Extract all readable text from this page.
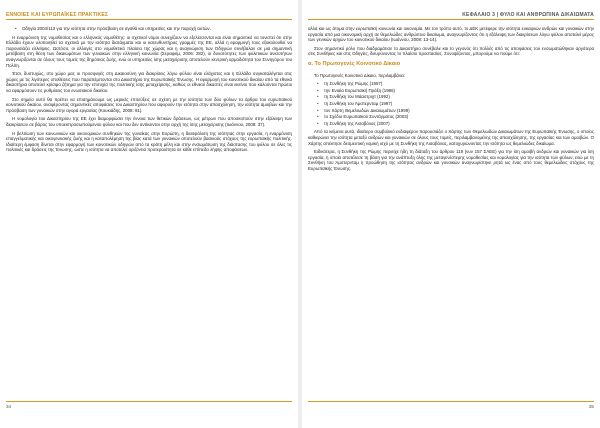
ΕΝΝΟΙΕΣ ΚΑΙ ΕΥΡΩΠΑΪΚΕΣ ΠΡΑΚΤΙΚΕΣ
• Οδηγία 2004/113 για την ισότητα στην πρόσβαση σε αγαθά και υπηρεσίες και την παροχή αυτών.

Η εναρμόνιση της νομοθεσίας και ο ελληνικός νομοθέτης: οι σχετικοί νόμοι συνεχίζουν να εξελίσσονται και είναι σημαντικό να τονιστεί ότι στην Ελλάδα έχουν υλοποιηθεί τα σχετικά με την ισότητα διατάγματα και οι κατευθυντήριες γραμμές της ΕΕ, αλλά η εφαρμογή τους εξακολουθεί να παρουσιάζει ελλείψεις. Ωστόσο, οι αλλαγές στο νομοθετικό πλαίσιο της χώρας και η αναγνώριση των Οδηγιών συνέβαλαν σε μια σημαντική μετάβαση στη θέση των δικαιωμάτων των γυναικών στην ελληνική κοινωνία (Σεραφείμ, 2006: 282), οι δυνατότητες των φυλετικών ανισοτήτων αναγνωρίζονται σε όλους τους τομείς της δημόσιας ζωής, ενώ οι υπηρεσίες ίσης μεταχείρισης αποτελούν κεντρική αρμοδιότητα του Συνηγόρου του Πολίτη.

Έτσι, δυστυχώς, στο χώρο μας οι προσφυγές στη Δικαιοσύνη για διακρίσεις λόγω φύλου είναι ελάχιστες και η Ελλάδα συγκαταλέγεται στις χώρες με τις λιγότερες υποθέσεις που παραπέμπονται στο Δικαστήριο της Ευρωπαϊκής Ένωσης. Η εφαρμογή του κοινοτικού δικαίου από τα εθνικά δικαστήρια αποτελεί κρίσιμο ζήτημα για την επιτυχία της πολιτικής ίσης μεταχείρισης, καθώς οι εθνικοί δικαστές είναι εκείνοι που καλούνται πρώτοι να εφαρμόσουν τις ρυθμίσεις του ενωσιακού δικαίου.

Στο σημείο αυτό θα πρέπει να επισημάνουμε ως μερικές επιτεύξεις σε σχέση με την ισότητα των δύο φύλων τα άρθρα του ευρωπαϊκού κοινοτικού δικαίου, αναφέροντας σημαντικές αποφάσεις του Δικαστηρίου που αφορούν την ισότητα στην απασχόληση, την ισότητα αμοιβών και την πρόσβαση των γυναικών στην αγορά εργασίας (Κουκιάδης, 2008: 91).

Η νομολογία του Δικαστηρίου της ΕΕ έχει διαμορφώσει την έννοια των θετικών δράσεων, ως μέτρων που αποσκοπούν στην εξάλειψη των διακρίσεων σε βάρος του υποεκπροσωπούμενου φύλου και που δεν αντίκεινται στην αρχή της ίσης μεταχείρισης (Ιωάννου, 2008: 37).

Η βελτίωση των κοινωνικών και οικονομικών συνθηκών της γυναίκας στην Ευρώπη, η διασφάλιση της ισότητας στην εργασία, η εναρμόνιση επαγγελματικής και οικογενειακής ζωής και η καταπολέμηση της βίας κατά των γυναικών αποτελούν βασικούς στόχους της ευρωπαϊκής πολιτικής. Ιδιαίτερη έμφαση δίνεται στην εφαρμογή των κοινοτικών οδηγιών από τα κράτη μέλη και στην ενσωμάτωση της διάστασης του φύλου σε όλες τις πολιτικές και δράσεις της Ένωσης, ώστε η ισότητα να αποτελεί οριζόντια προτεραιότητα σε κάθε επίπεδο λήψης αποφάσεων.

34
ΚΕΦΑΛΑΙΟ 3 | ΦΥΛΟ ΚΑΙ ΑΝΘΡΩΠΙΝΑ ΔΙΚΑΙΩΜΑΤΑ

αλλά και ως άτομα στην ευρωπαϊκή κοινωνία και οικονομία. Με τον τρόπο αυτό, το ΔΕΚ μετέφερε την ισότητα ευκαιριών ανδρών και γυναικών στην εργασία από μια οικονομική αρχή σε θεμελιώδες ανθρώπινο δικαίωμα, αναγνωρίζοντας ότι η εξάλειψη των διακρίσεων λόγω φύλου αποτελεί μέρος των γενικών αρχών του κοινοτικού δικαίου (Ιωάννου, 2008: 13-14).

Στον σημαντικό ρόλο που διαδραμάτισε το Δικαστήριο συνέβαλε και το γεγονός ότι πολλές από τις αποφάσεις του ενσωματώθηκαν αργότερα στις Συνθήκες και στις Οδηγίες, διευρύνοντας το πλαίσιο προστασίας. Συνοψίζοντας, μπορούμε να πούμε ότι:

α. Το Πρωτογενές Κοινοτικό Δίκαιο

Το Πρωτογενές Κοινοτικό Δίκαιο, περιλαμβάνει:

• τη Συνθήκη της Ρώμης (1957)
• την Ενιαία Ευρωπαϊκή Πράξη (1986)
• τη Συνθήκη του Μάαστριχτ (1992)
• τη Συνθήκη του Άμστερνταμ (1997)
• τον Χάρτη Θεμελιωδών Δικαιωμάτων (1999)
• το Σχέδιο Ευρωπαϊκού Συντάγματος (2003)
• τη Συνθήκη της Λισαβόνας (2007)

Από τα κείμενα αυτά, ιδιαίτερο συμβολικό ενδιαφέρον παρουσιάζει ο Χάρτης των Θεμελιωδών Δικαιωμάτων της Ευρωπαϊκής Ένωσης, ο οποίος καθιερώνει την ισότητα μεταξύ ανδρών και γυναικών σε όλους τους τομείς, περιλαμβανομένης της απασχόλησης, της εργασίας και των αμοιβών. Ο Χάρτης απέκτησε δεσμευτική νομική ισχύ με τη Συνθήκη της Λισαβόνας, κατοχυρώνοντας την ισότητα ως θεμελιώδες δικαίωμα.

Ειδικότερα, η Συνθήκη της Ρώμης περιείχε ήδη τη διάταξη του άρθρου 119 (νυν 157 ΣΛΕΕ) για την ίση αμοιβή ανδρών και γυναικών για ίση εργασία, η οποία αποτέλεσε τη βάση για την ανάπτυξη όλης της μεταγενέστερης νομοθεσίας και νομολογίας για την ισότητα των φύλων, ενώ με τη Συνθήκη του Άμστερνταμ η προώθηση της ισότητας ανδρών και γυναικών αναγνωρίστηκε ρητά ως ένας από τους θεμελιώδεις στόχους της Ευρωπαϊκής Ένωσης.

35
